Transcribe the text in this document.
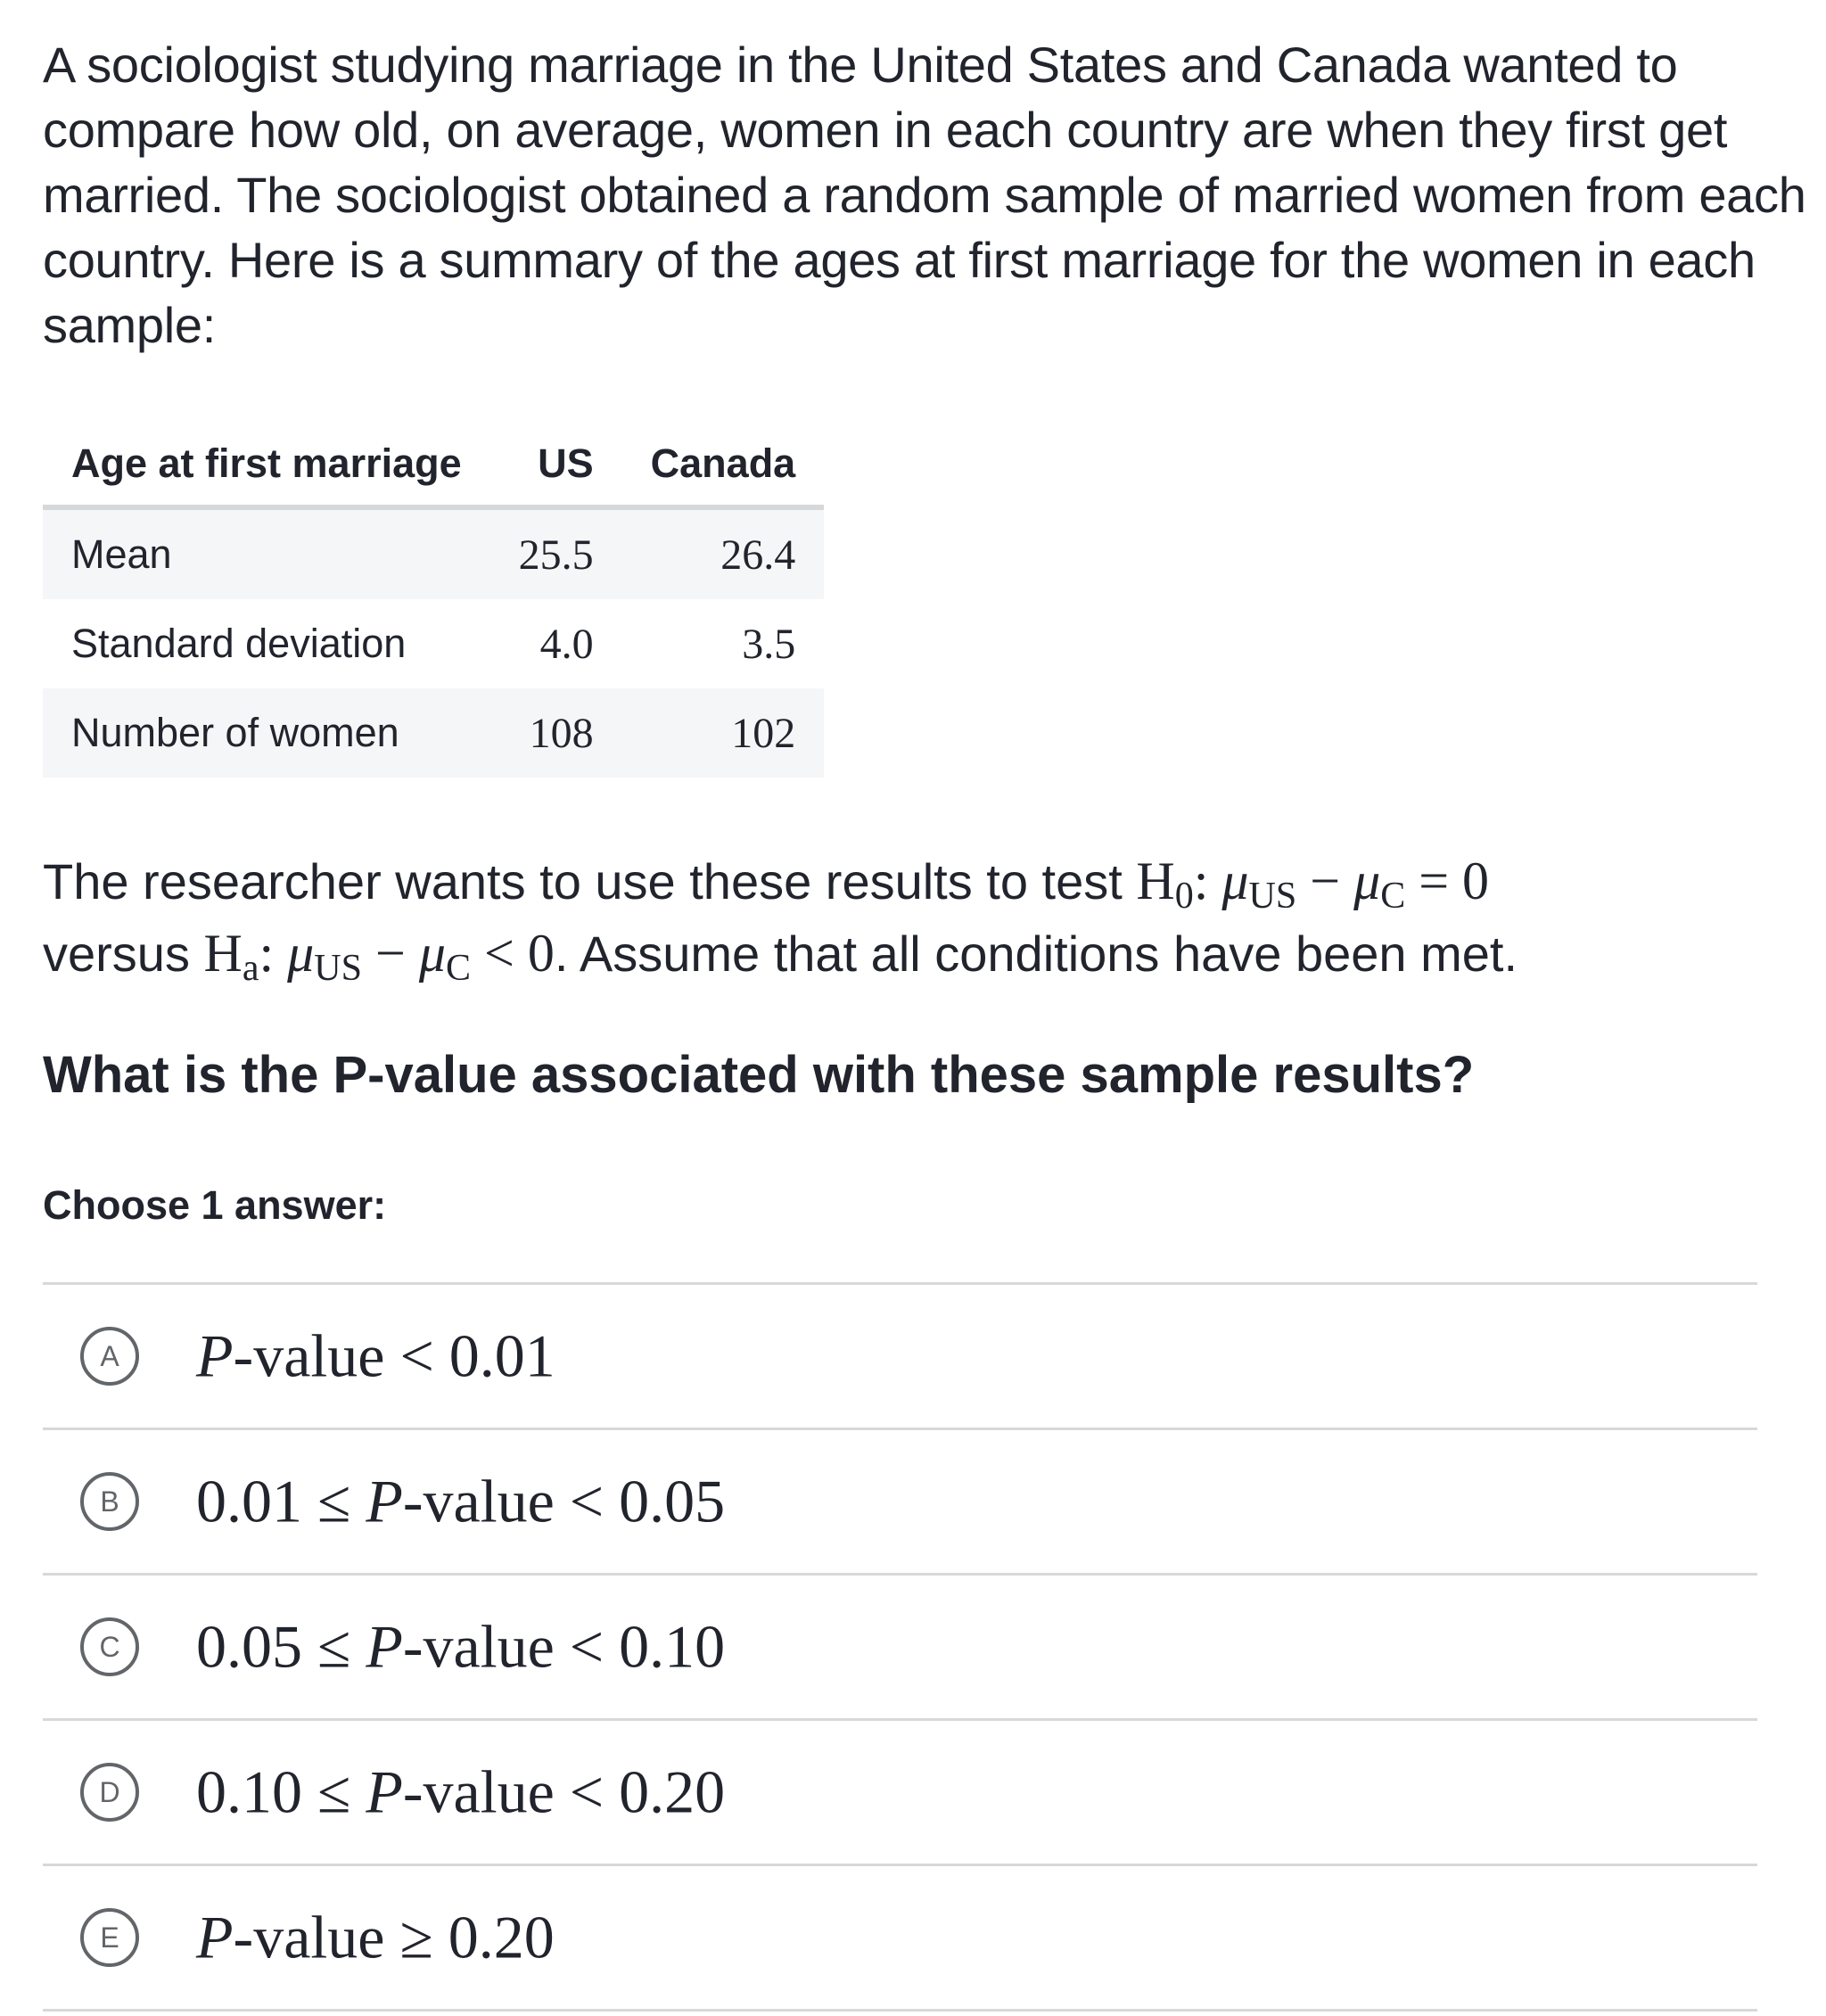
A sociologist studying marriage in the United States and Canada wanted to compare how old, on average, women in each country are when they first get married. The sociologist obtained a random sample of married women from each country. Here is a summary of the ages at first marriage for the women in each sample:

Age at first marriage	US	Canada
Mean	25.5	26.4
Standard deviation	4.0	3.5
Number of women	108	102

The researcher wants to use these results to test $H_0$: $\mu_{US} - \mu_C = 0$
versus $H_a$: $\mu_{US} - \mu_C < 0$. Assume that all conditions have been met.

What is the P-value associated with these sample results?

Choose 1 answer:

A	P-value < 0.01
B	0.01 ≤ P-value < 0.05
C	0.05 ≤ P-value < 0.10
D	0.10 ≤ P-value < 0.20
E	P-value ≥ 0.20
